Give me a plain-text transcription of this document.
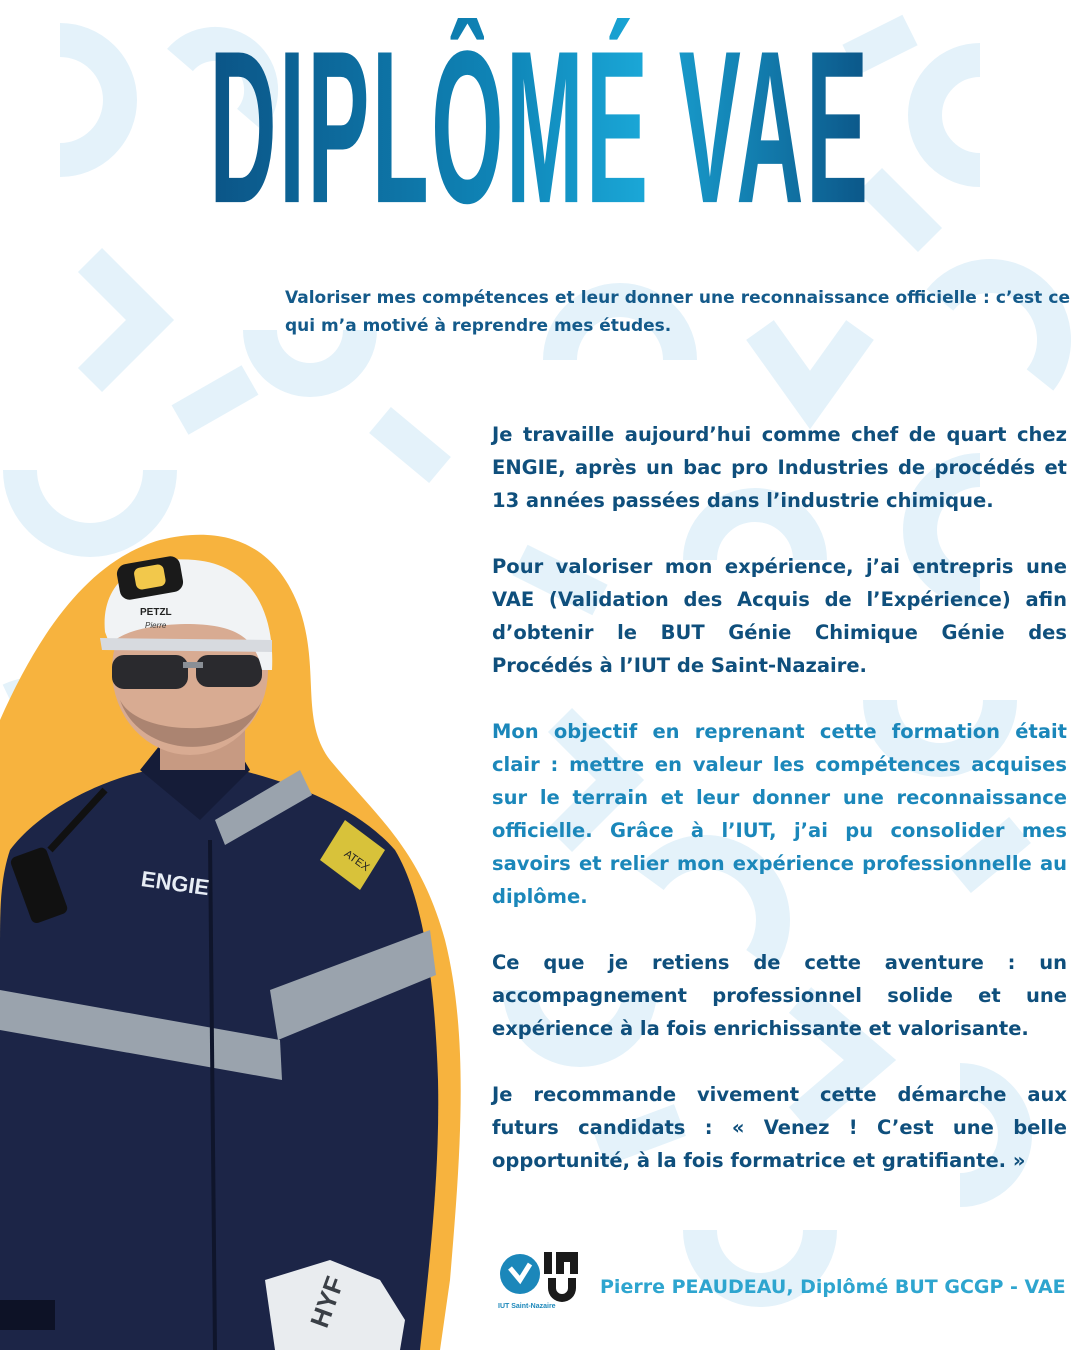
DIPLÔMÉ VAE
Valoriser mes compétences et leur donner une reconnaissance officielle : c’est ce qui m’a motivé à reprendre mes études.
ATEX
ENGIE
PETZL
Pierre
HYF

Je travaille aujourd’hui comme chef de quart chez ENGIE, après un bac pro Industries de procédés et 13 années passées dans l’industrie chimique.

Pour valoriser mon expérience, j’ai entrepris une VAE (Validation des Acquis de l’Expérience) afin d’obtenir le BUT Génie Chimique Génie des Procédés à l’IUT de Saint-Nazaire.

Mon objectif en reprenant cette formation était clair : mettre en valeur les compétences acquises sur le terrain et leur donner une reconnaissance officielle. Grâce à l’IUT, j’ai pu consolider mes savoirs et relier mon expérience professionnelle au diplôme.

Ce que je retiens de cette aventure : un accompagnement professionnel solide et une expérience à la fois enrichissante et valorisante.

Je recommande vivement cette démarche aux futurs candidats : « Venez ! C’est une belle opportunité, à la fois formatrice et gratifiante. »

IUT Saint-Nazaire
Pierre PEAUDEAU, Diplômé BUT GCGP - VAE
